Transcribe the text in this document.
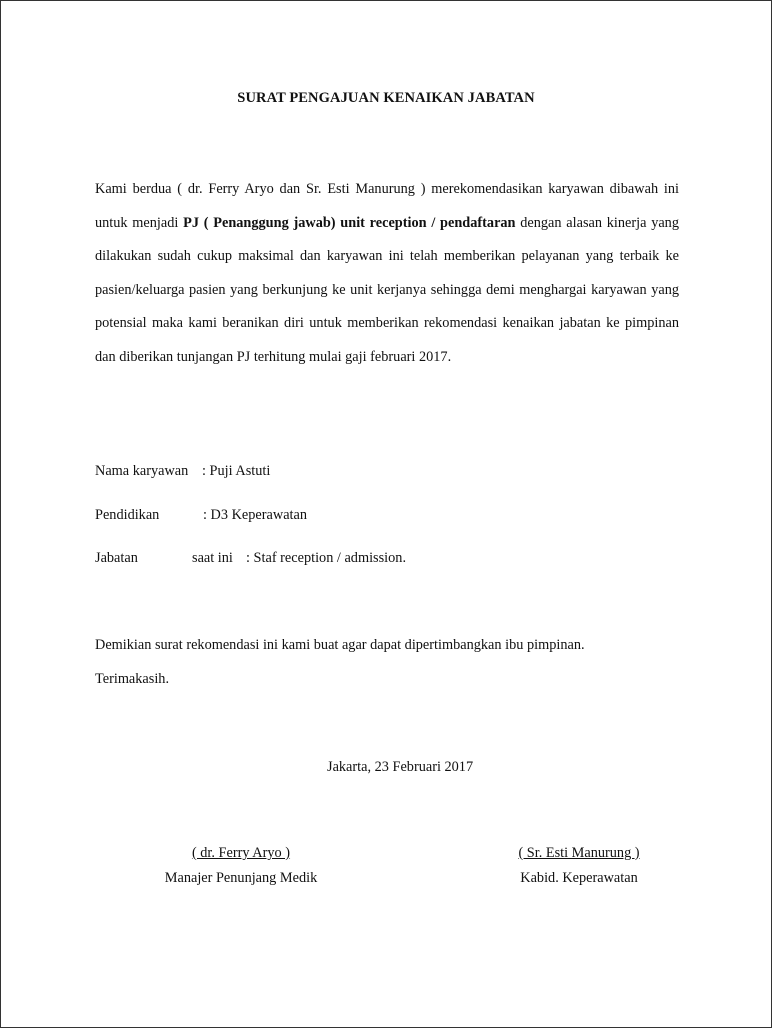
SURAT PENGAJUAN KENAIKAN JABATAN
Kami berdua ( dr. Ferry Aryo dan Sr. Esti Manurung ) merekomendasikan karyawan dibawah ini untuk menjadi PJ ( Penanggung jawab) unit reception / pendaftaran dengan alasan kinerja yang dilakukan sudah cukup maksimal dan karyawan ini telah memberikan pelayanan yang terbaik ke pasien/keluarga pasien yang berkunjung ke unit kerjanya sehingga demi menghargai karyawan yang potensial maka kami beranikan diri untuk memberikan rekomendasi kenaikan jabatan ke pimpinan dan diberikan tunjangan PJ terhitung mulai gaji februari 2017.
Nama karyawan : Puji Astuti
Pendidikan	: D3 Keperawatan
Jabatan	saat ini : Staf reception / admission.
Demikian surat rekomendasi ini kami buat agar dapat dipertimbangkan ibu pimpinan.
Terimakasih.
Jakarta, 23 Februari 2017
( dr. Ferry Aryo )
Manajer Penunjang Medik
( Sr. Esti Manurung )
Kabid. Keperawatan
